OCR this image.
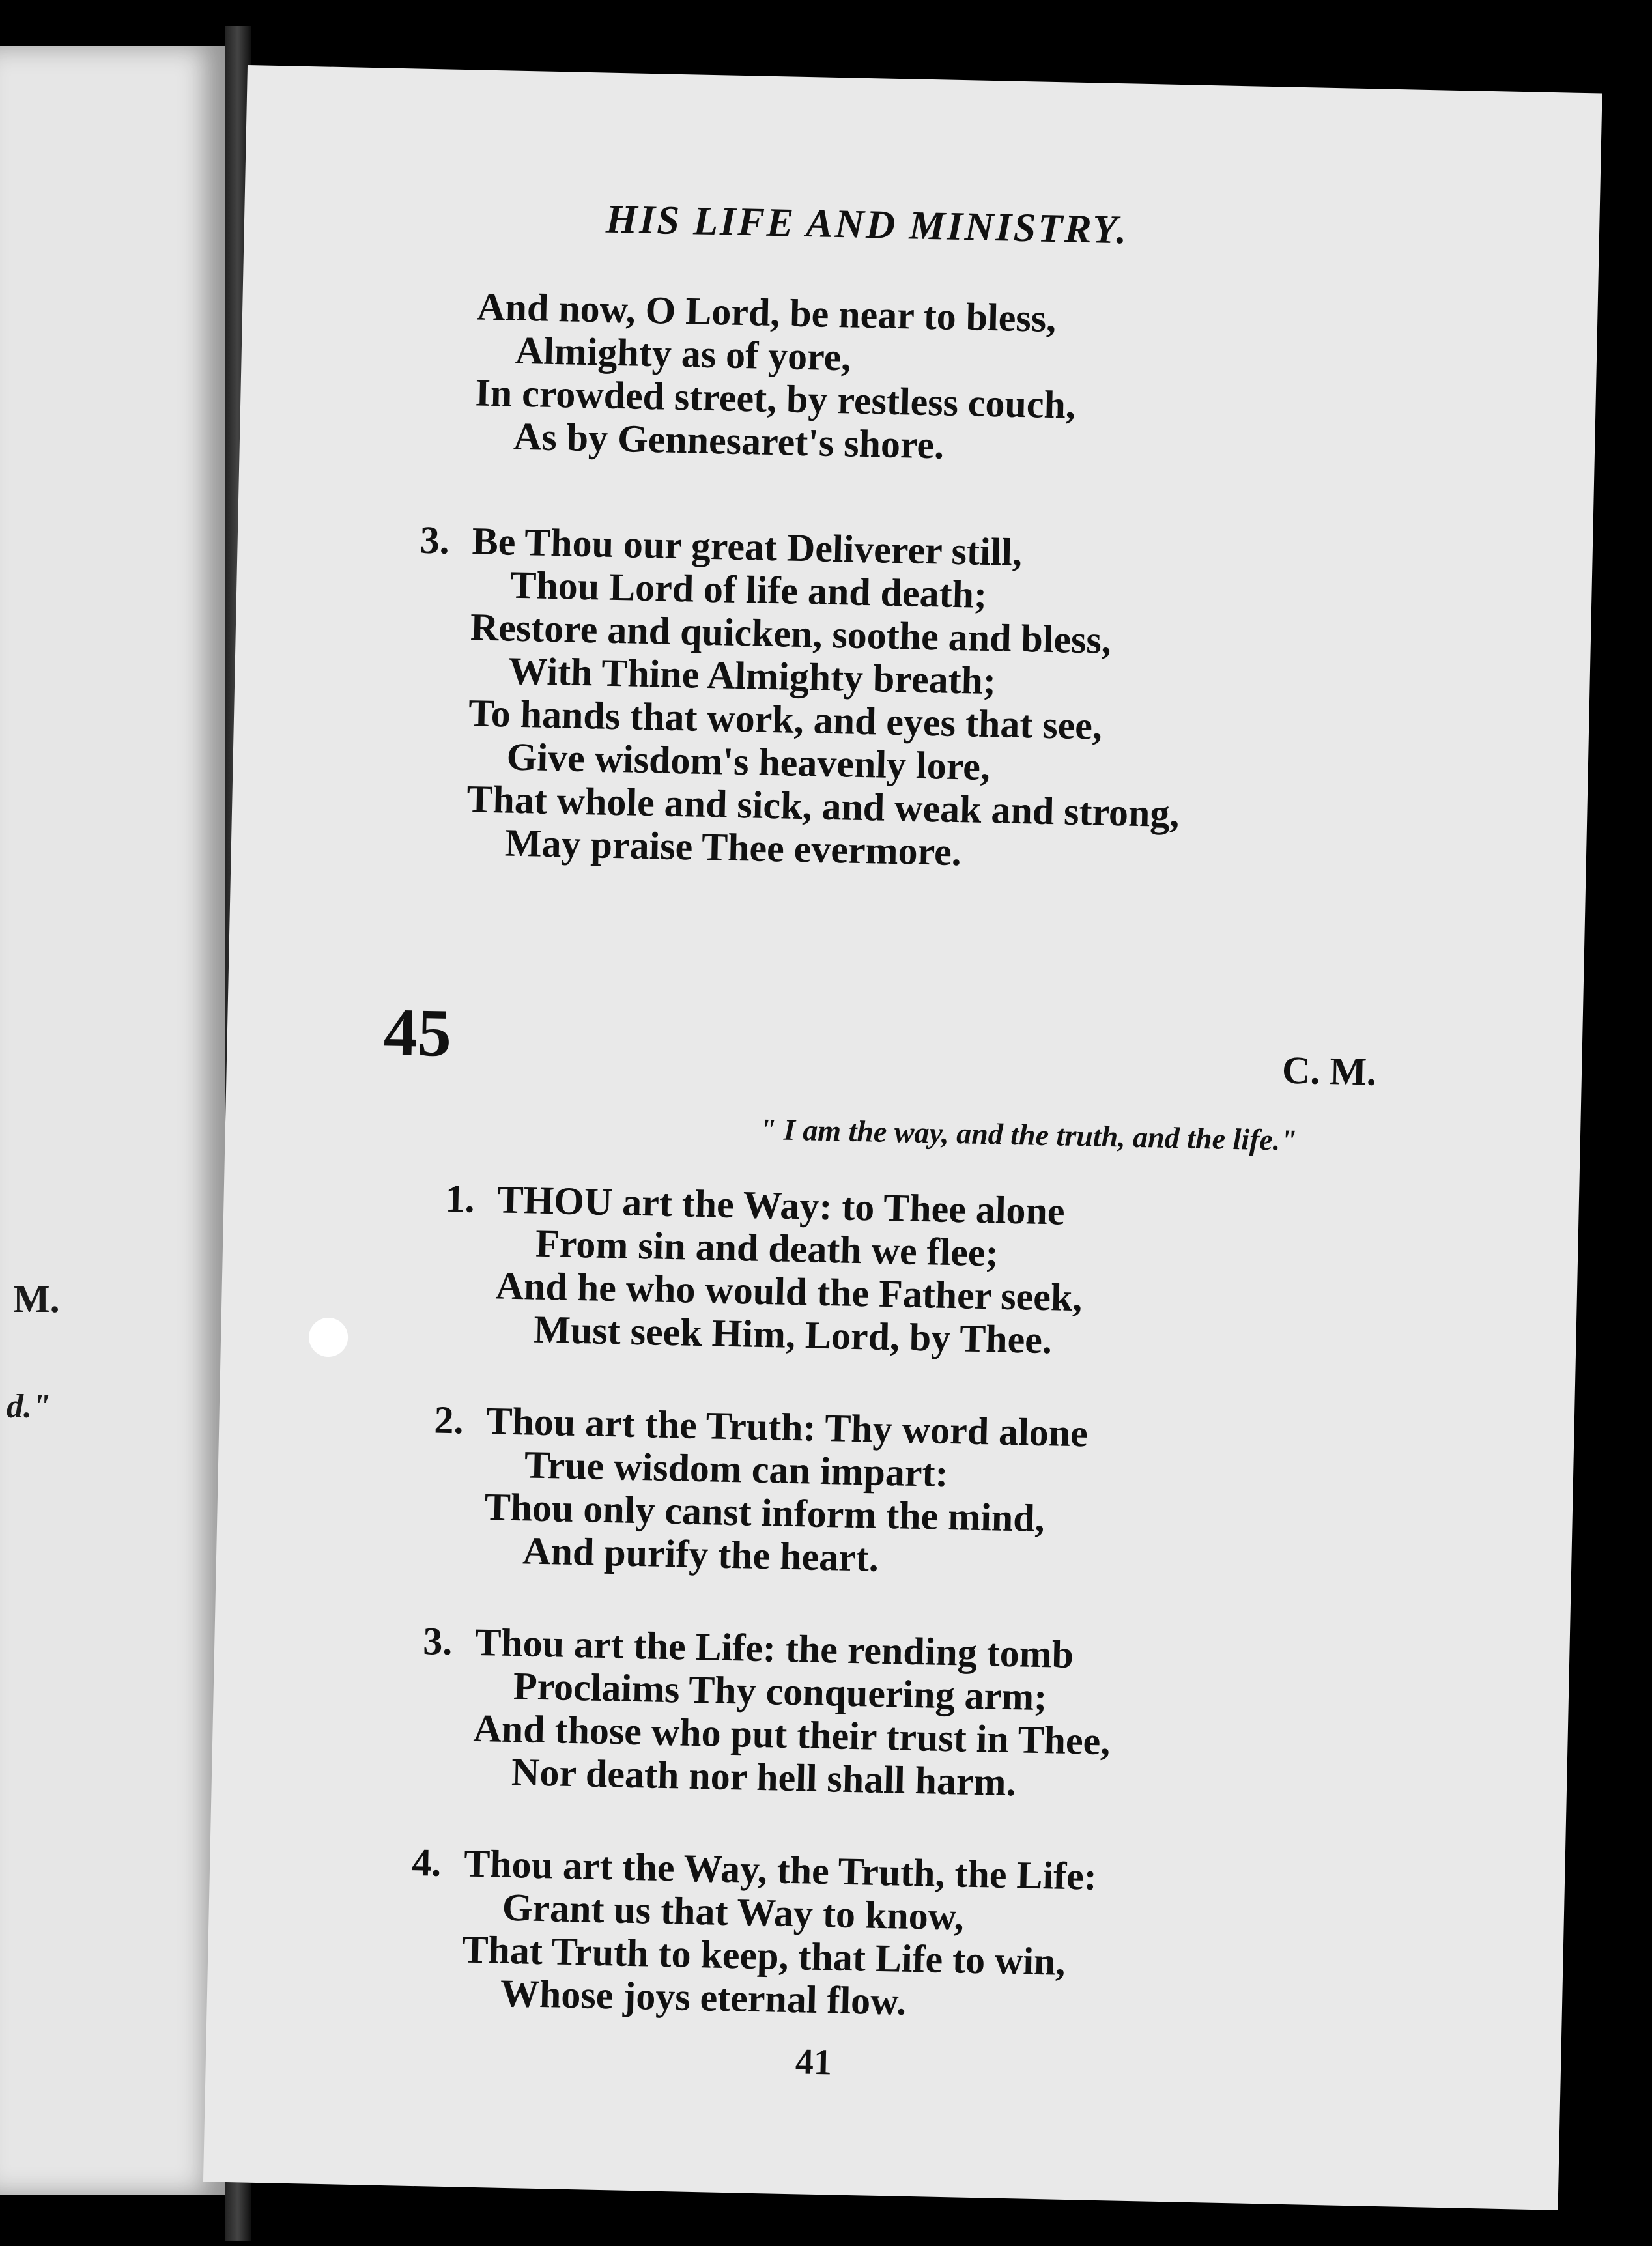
M.
d."
HIS LIFE AND MINISTRY.
And now, O Lord, be near to bless,
Almighty as of yore,
In crowded street, by restless couch,
As by Gennesaret's shore.
3. Be Thou our great Deliverer still,
Thou Lord of life and death;
Restore and quicken, soothe and bless,
With Thine Almighty breath;
To hands that work, and eyes that see,
Give wisdom's heavenly lore,
That whole and sick, and weak and strong,
May praise Thee evermore.
45
C. M.
" I am the way, and the truth, and the life."
1. THOU art the Way: to Thee alone
From sin and death we flee;
And he who would the Father seek,
Must seek Him, Lord, by Thee.
2. Thou art the Truth: Thy word alone
True wisdom can impart:
Thou only canst inform the mind,
And purify the heart.
3. Thou art the Life: the rending tomb
Proclaims Thy conquering arm;
And those who put their trust in Thee,
Nor death nor hell shall harm.
4. Thou art the Way, the Truth, the Life:
Grant us that Way to know,
That Truth to keep, that Life to win,
Whose joys eternal flow.
41
